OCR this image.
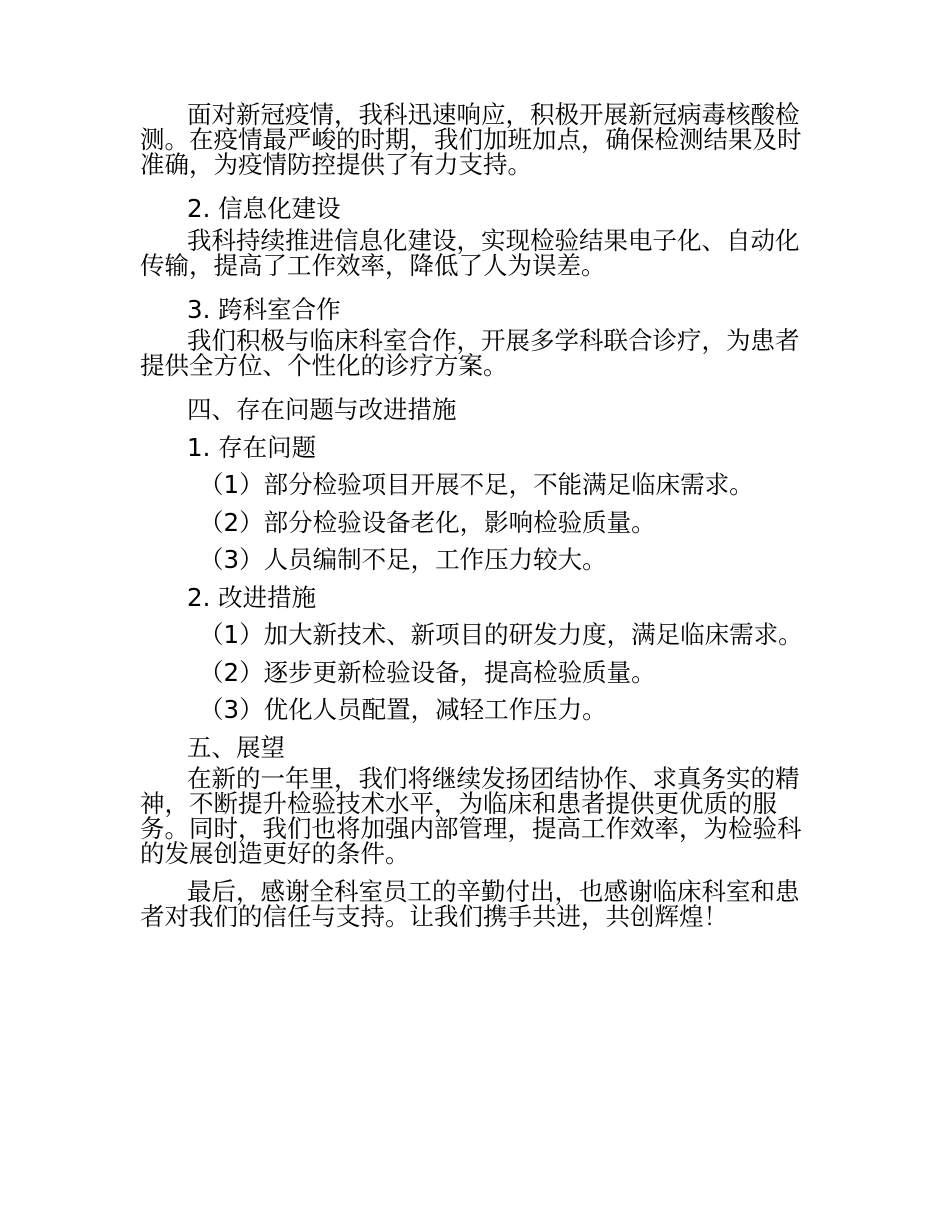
面对新冠疫情，我科迅速响应，积极开展新冠病毒核酸检测。在疫情最严峻的时期，我们加班加点，确保检测结果及时准确，为疫情防控提供了有力支持。

2. 信息化建设

我科持续推进信息化建设，实现检验结果电子化、自动化传输，提高了工作效率，降低了人为误差。

3. 跨科室合作

我们积极与临床科室合作，开展多学科联合诊疗，为患者提供全方位、个性化的诊疗方案。

四、存在问题与改进措施
1. 存在问题
（1）部分检验项目开展不足，不能满足临床需求。
（2）部分检验设备老化，影响检验质量。
（3）人员编制不足，工作压力较大。
2. 改进措施
（1）加大新技术、新项目的研发力度，满足临床需求。
（2）逐步更新检验设备，提高检验质量。
（3）优化人员配置，减轻工作压力。
五、展望

在新的一年里，我们将继续发扬团结协作、求真务实的精神，不断提升检验技术水平，为临床和患者提供更优质的服务。同时，我们也将加强内部管理，提高工作效率，为检验科的发展创造更好的条件。

最后，感谢全科室员工的辛勤付出，也感谢临床科室和患者对我们的信任与支持。让我们携手共进，共创辉煌！
